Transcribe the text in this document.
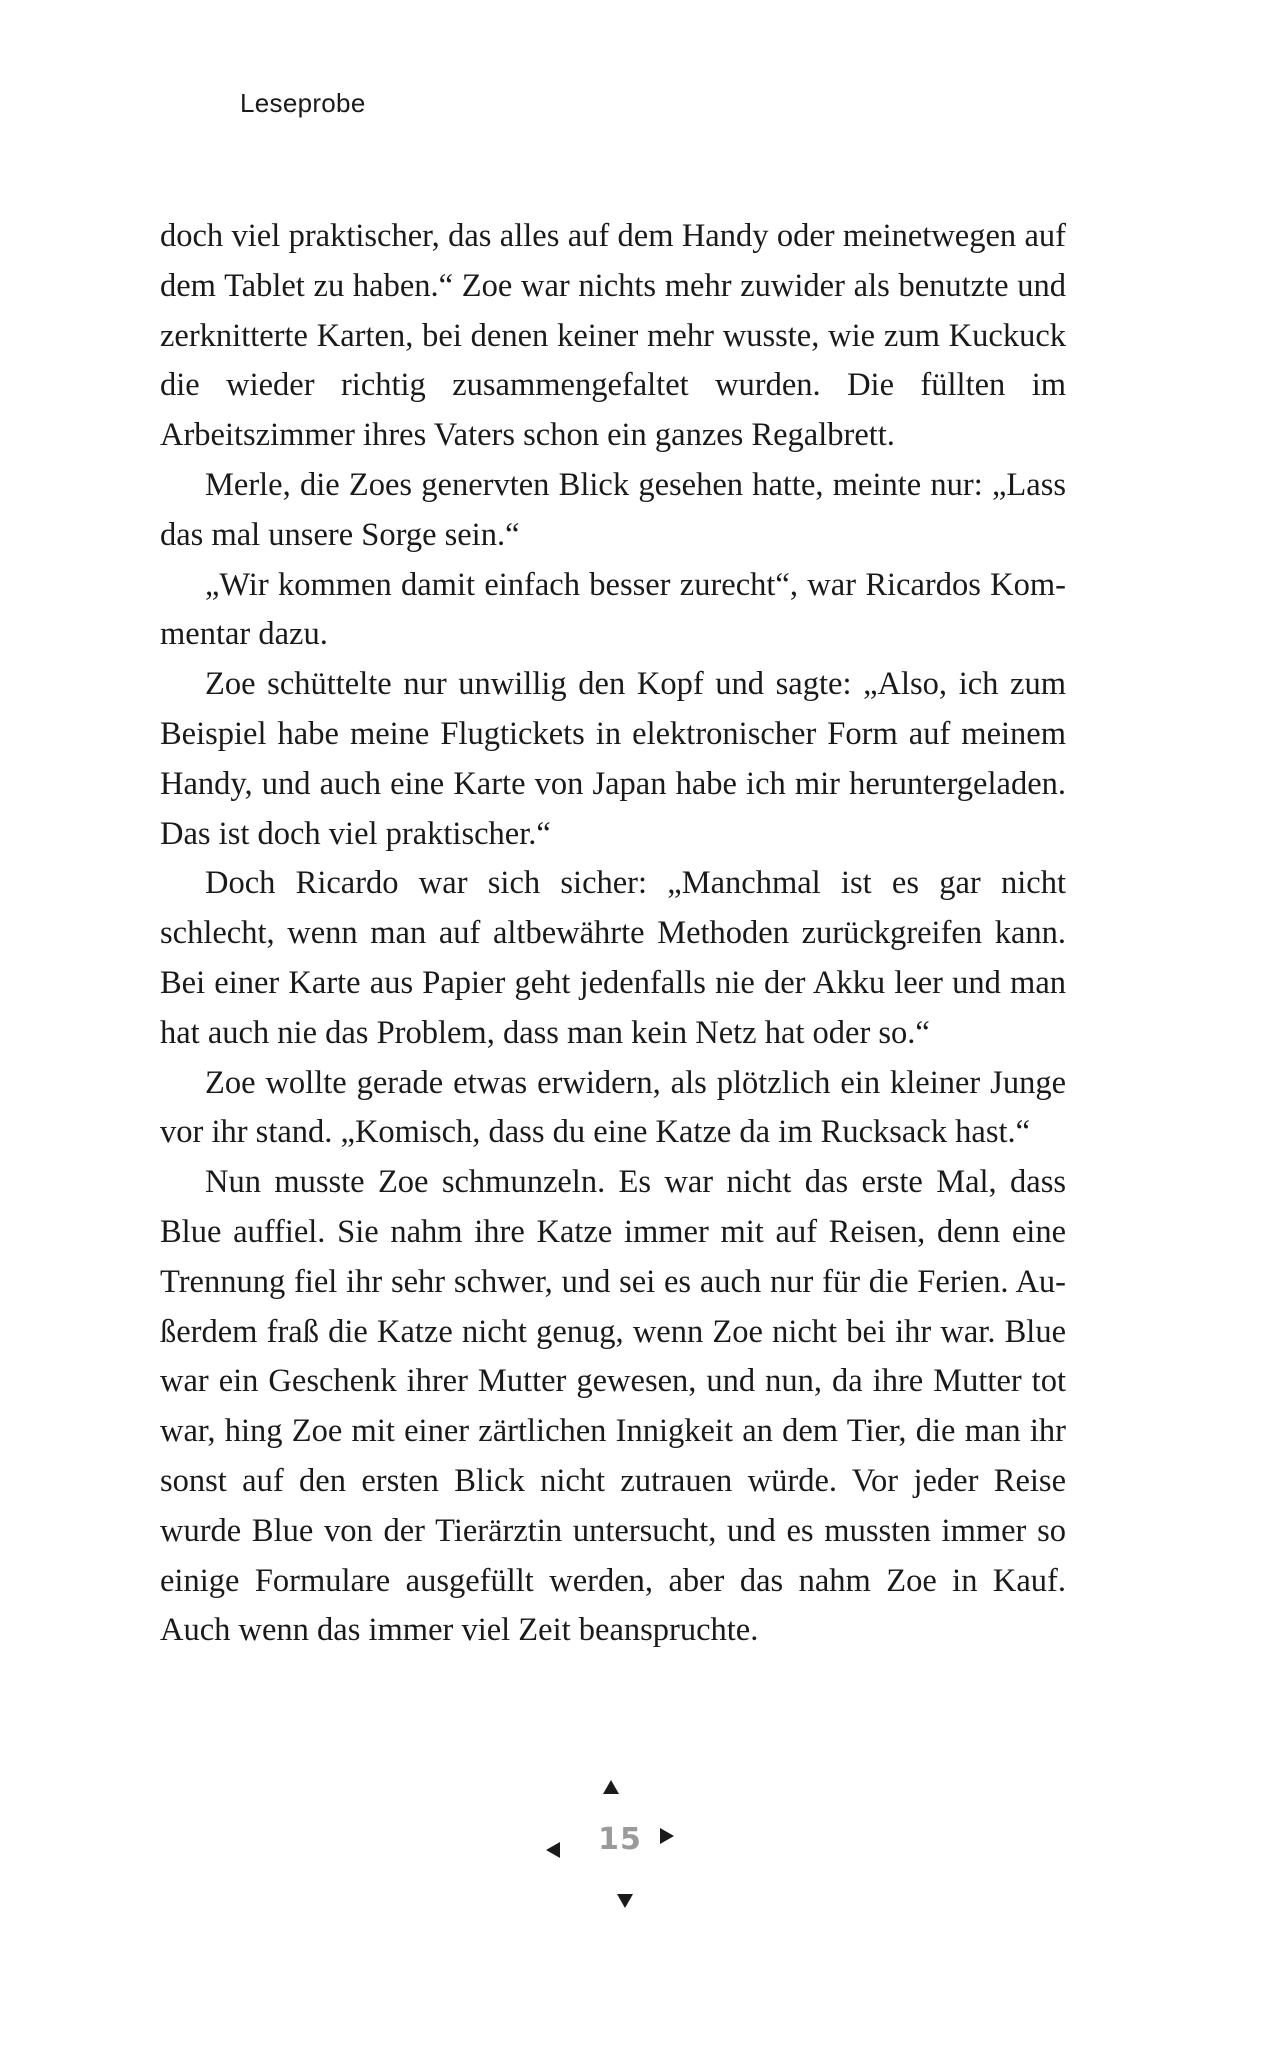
Leseprobe

doch viel praktischer, das alles auf dem Handy oder meinetwegen auf dem Tablet zu haben.“ Zoe war nichts mehr zuwider als benutzte und zerknitterte Karten, bei denen keiner mehr wusste, wie zum Kuckuck die wieder richtig zusammengefaltet wurden. Die füllten im Arbeitszimmer ihres Vaters schon ein ganzes Regalbrett.

Merle, die Zoes genervten Blick gesehen hatte, meinte nur: „Lass das mal unsere Sorge sein.“

„Wir kommen damit einfach besser zurecht“, war Ricardos Kommentar dazu.

Zoe schüttelte nur unwillig den Kopf und sagte: „Also, ich zum Beispiel habe meine Flugtickets in elektronischer Form auf meinem Handy, und auch eine Karte von Japan habe ich mir heruntergeladen. Das ist doch viel praktischer.“

Doch Ricardo war sich sicher: „Manchmal ist es gar nicht schlecht, wenn man auf altbewährte Methoden zurückgreifen kann. Bei einer Karte aus Papier geht jedenfalls nie der Akku leer und man hat auch nie das Problem, dass man kein Netz hat oder so.“

Zoe wollte gerade etwas erwidern, als plötzlich ein kleiner Junge vor ihr stand. „Komisch, dass du eine Katze da im Rucksack hast.“

Nun musste Zoe schmunzeln. Es war nicht das erste Mal, dass Blue auffiel. Sie nahm ihre Katze immer mit auf Reisen, denn eine Trennung fiel ihr sehr schwer, und sei es auch nur für die Ferien. Außerdem fraß die Katze nicht genug, wenn Zoe nicht bei ihr war. Blue war ein Geschenk ihrer Mutter gewesen, und nun, da ihre Mutter tot war, hing Zoe mit einer zärtlichen Innigkeit an dem Tier, die man ihr sonst auf den ersten Blick nicht zutrauen würde. Vor jeder Reise wurde Blue von der Tierärztin untersucht, und es mussten immer so einige Formulare ausgefüllt werden, aber das nahm Zoe in Kauf. Auch wenn das immer viel Zeit beanspruchte.

15
